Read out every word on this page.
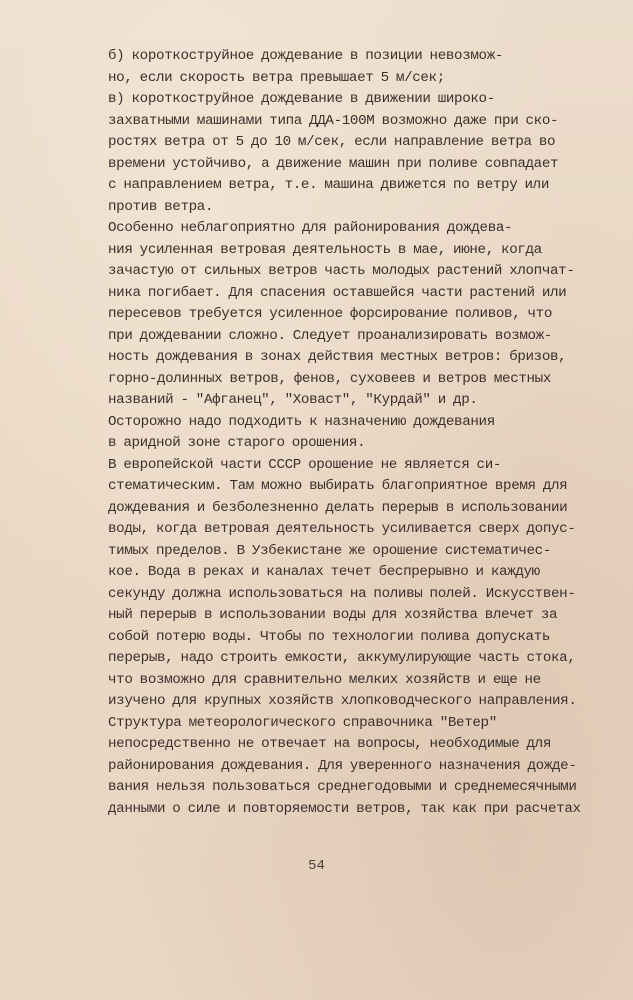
б) короткоструйное дождевание в позиции невозмож-
но, если скорость ветра превышает 5 м/сек;
в) короткоструйное дождевание в движении широко-
захватными машинами типа ДДА-100М возможно даже при ско-
ростях ветра от 5 до 10 м/сек, если направление ветра во
времени устойчиво, а движение машин при поливе совпадает
с направлением ветра, т.е. машина движется по ветру или
против ветра.
Особенно неблагоприятно для районирования дождева-
ния усиленная ветровая деятельность в мае, июне, когда
зачастую от сильных ветров часть молодых растений хлопчат-
ника погибает. Для спасения оставшейся части растений или
пересевов требуется усиленное форсирование поливов, что
при дождевании сложно. Следует проанализировать возмож-
ность дождевания в зонах действия местных ветров: бризов,
горно-долинных ветров, фенов, суховеев и ветров местных
названий - "Афганец", "Ховаст", "Курдай" и др.
Осторожно надо подходить к назначению дождевания
в аридной зоне старого орошения.
В европейской части СССР орошение не является си-
стематическим. Там можно выбирать благоприятное время для
дождевания и безболезненно делать перерыв в использовании
воды, когда ветровая деятельность усиливается сверх допус-
тимых пределов. В Узбекистане же орошение систематичес-
кое. Вода в реках и каналах течет беспрерывно и каждую
секунду должна использоваться на поливы полей. Искусствен-
ный перерыв в использовании воды для хозяйства влечет за
собой потерю воды. Чтобы по технологии полива допускать
перерыв, надо строить емкости, аккумулирующие часть стока,
что возможно для сравнительно мелких хозяйств и еще не
изучено для крупных хозяйств хлопководческого направления.
Структура метеорологического справочника "Ветер"
непосредственно не отвечает на вопросы, необходимые для
районирования дождевания. Для уверенного назначения дожде-
вания нельзя пользоваться среднегодовыми и среднемесячными
данными о силе и повторяемости ветров, так как при расчетах
54
